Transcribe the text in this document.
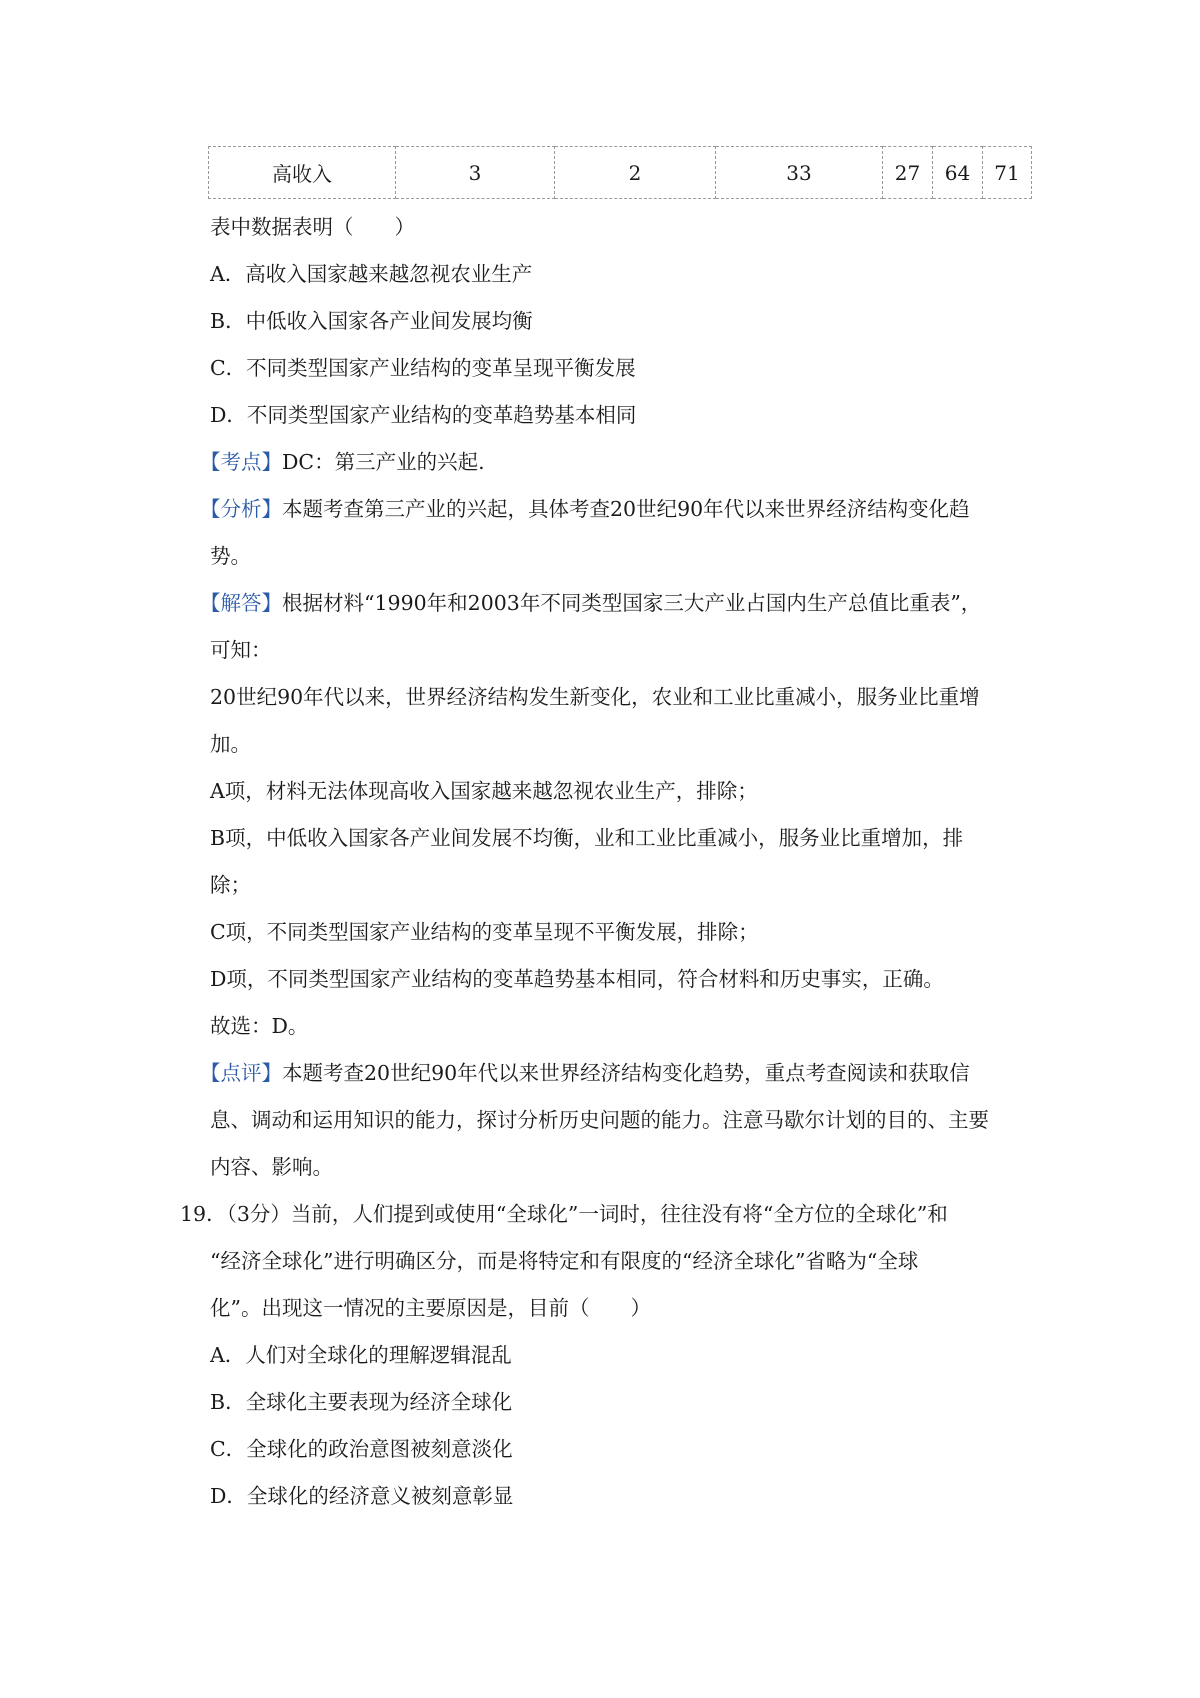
高收入	3	2	33	27	64	71
表中数据表明（　　）
A．高收入国家越来越忽视农业生产
B．中低收入国家各产业间发展均衡
C．不同类型国家产业结构的变革呈现平衡发展
D．不同类型国家产业结构的变革趋势基本相同
【考点】DC：第三产业的兴起.
【分析】本题考查第三产业的兴起，具体考查20世纪90年代以来世界经济结构变化趋
势。
【解答】根据材料“1990年和2003年不同类型国家三大产业占国内生产总值比重表”，
可知：
20世纪90年代以来，世界经济结构发生新变化，农业和工业比重减小，服务业比重增
加。
A项，材料无法体现高收入国家越来越忽视农业生产，排除；
B项，中低收入国家各产业间发展不均衡，业和工业比重减小，服务业比重增加，排
除；
C项，不同类型国家产业结构的变革呈现不平衡发展，排除；
D项，不同类型国家产业结构的变革趋势基本相同，符合材料和历史事实，正确。
故选：D。
【点评】本题考查20世纪90年代以来世界经济结构变化趋势，重点考查阅读和获取信
息、调动和运用知识的能力，探讨分析历史问题的能力。注意马歇尔计划的目的、主要
内容、影响。
19．（3分）当前，人们提到或使用“全球化”一词时，往往没有将“全方位的全球化”和
“经济全球化”进行明确区分，而是将特定和有限度的“经济全球化”省略为“全球
化”。出现这一情况的主要原因是，目前（　　）
A．人们对全球化的理解逻辑混乱
B．全球化主要表现为经济全球化
C．全球化的政治意图被刻意淡化
D．全球化的经济意义被刻意彰显
